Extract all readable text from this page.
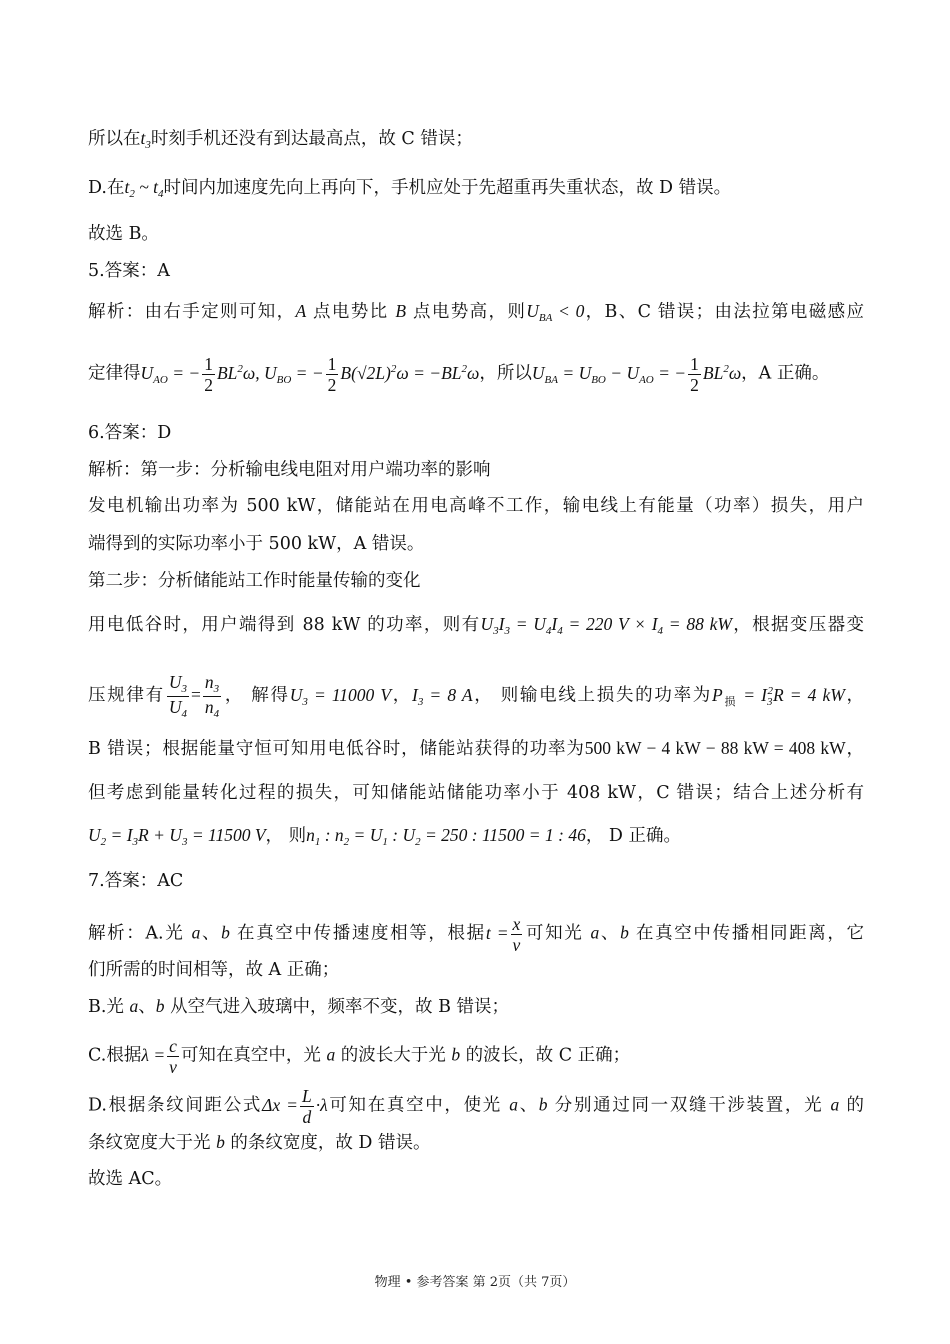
所以在$t_3$时刻手机还没有到达最高点，故 C 错误；
D.在$t_2$ ~ $t_4$时间内加速度先向上再向下，手机应处于先超重再失重状态，故 D 错误。
故选 B。
5.答案：A
解析：由右手定则可知，A 点电势比 B 点电势高，则$U_{BA} < 0$，B、C 错误；由法拉第电磁感应
定律得$U_{AO}$ = − $\frac{1}{2} BL^2\omega$, $U_{BO}$ = − $\frac{1}{2} B(√2L)^2\omega = -BL^2\omega$，所以$U_{BA} = U_{BO} - U_{AO}$ = − $\frac{1}{2} BL^2\omega$，A 正确。
6.答案：D
解析：第一步：分析输电线电阻对用户端功率的影响
发电机输出功率为 500 kW，储能站在用电高峰不工作，输电线上有能量（功率）损失，用户
端得到的实际功率小于 500 kW，A 错误。
第二步：分析储能站工作时能量传输的变化
用电低谷时，用户端得到 88 kW 的功率，则有$U_3I_3 = U_4I_4 = 220$ $V \times I_4 = 88$ kW，根据变压器变
压规律有 $\frac{U_3}{U_4} = \frac{n_3}{n_4}$ ， 解得$U_3 = 11000$ V，$I_3 = 8$ A， 则输电线上损失的功率为$P_损 = I_3^2R = 4$ kW，
B 错误；根据能量守恒可知用电低谷时，储能站获得的功率为500 kW − 4 kW − 88 kW = 408 kW，
但考虑到能量转化过程的损失，可知储能站储能功率小于 408 kW，C 错误；结合上述分析有
$U_2 = I_3R + U_3 = 11500$ V， 则$n_1$ : $n_2 = U_1$ : $U_2 = 250$ : 11500 = 1 : 46， D 正确。
7.答案：AC
解析：A.光 a、b 在真空中传播速度相等，根据$t = \frac{x}{v}$ 可知光 a、b 在真空中传播相同距离，它
们所需的时间相等，故 A 正确；
B.光 a、b 从空气进入玻璃中，频率不变，故 B 错误；
C.根据$\lambda = \frac{c}{v}$ 可知在真空中，光 a 的波长大于光 b 的波长，故 C 正确；
D.根据条纹间距公式$\Delta x = \frac{L}{d} \cdot\lambda$可知在真空中，使光 a、b 分别通过同一双缝干涉装置，光 a 的
条纹宽度大于光 b 的条纹宽度，故 D 错误。
故选 AC。
物理 • 参考答案 第 2页（共 7页）
